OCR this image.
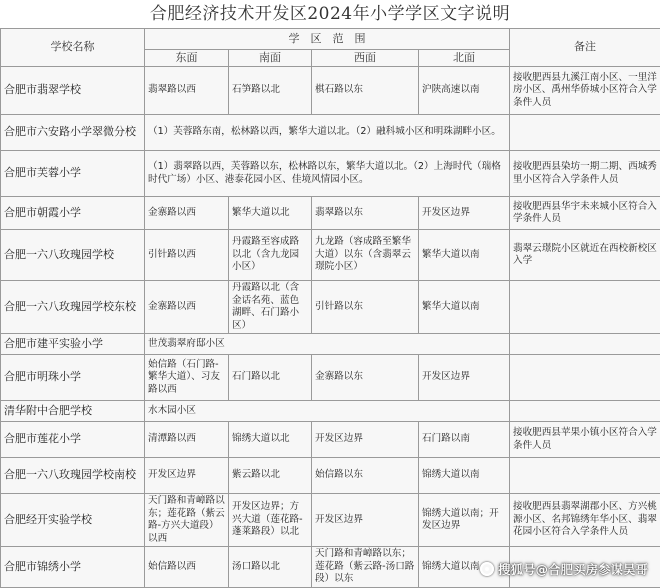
合肥经济技术开发区2024年小学学区文字说明
学校名称	学　区　范　围				备注
	东面	南面	西面	北面	
合肥市翡翠学校	翡翠路以西	石笋路以北	棋石路以东	沪陕高速以南	接收肥西县九溪江南小区、一里洋房小区、禹州华侨城小区符合入学条件人员
合肥市六安路小学翠微分校	（1）芙蓉路东南，松林路以西，繁华大道以北。（2）融科城小区和明珠湖畔小区。				
合肥市芙蓉小学	（1）翡翠路以西，芙蓉路以东，松林路以东，繁华大道以北。（2）上海时代（瑞格时代广场）小区、港泰花园小区、佳境风情园小区。				接收肥西县染坊一期二期、西城秀里小区符合入学条件人员
合肥市朝霞小学	金寨路以西	繁华大道以北	翡翠路以东	开发区边界	接收肥西县华宇未来城小区符合入学条件人员
合肥一六八玫瑰园学校	引针路以西	丹霞路至容成路以北（含九龙园小区）	九龙路（容成路至繁华大道）以东（含翡翠云璟院小区）	繁华大道以南	翡翠云璟院小区就近在西校新校区入学
合肥一六八玫瑰园学校东校	金寨路以西	丹霞路以北（含金话名苑、蓝色湖畔、石门路小区）	引针路以东	繁华大道以南	
合肥市建平实验小学	世茂翡翠府邸小区				
合肥市明珠小学	始信路（石门路-繁华大道）、习友路以西	石门路以北	金寨路以东	开发区边界	
清华附中合肥学校	水木园小区				
合肥市莲花小学	清潭路以西	锦绣大道以北	开发区边界	石门路以南	接收肥西县苹果小镇小区符合入学条件人员
合肥一六八玫瑰园学校南校	开发区边界	紫云路以北	始信路以东	锦绣大道以南	
合肥经开实验学校	天门路和青嶂路以东；莲花路（紫云路-方兴大道段）以西	开发区边界；方兴大道（莲花路-蓬莱路段）以北	开发区边界	锦绣大道以南；开发区边界	接收肥西县翡翠湖郡小区、方兴桃源小区、名邦锦绣年华小区、翡翠花园小区符合入学条件人员
合肥市锦绣小学	始信路以西	汤口路以北	天门路和青嶂路以东；莲花路（紫云路-汤口路段）以东	锦绣大道以南	搜狐号@合肥买房参谋吴哥
